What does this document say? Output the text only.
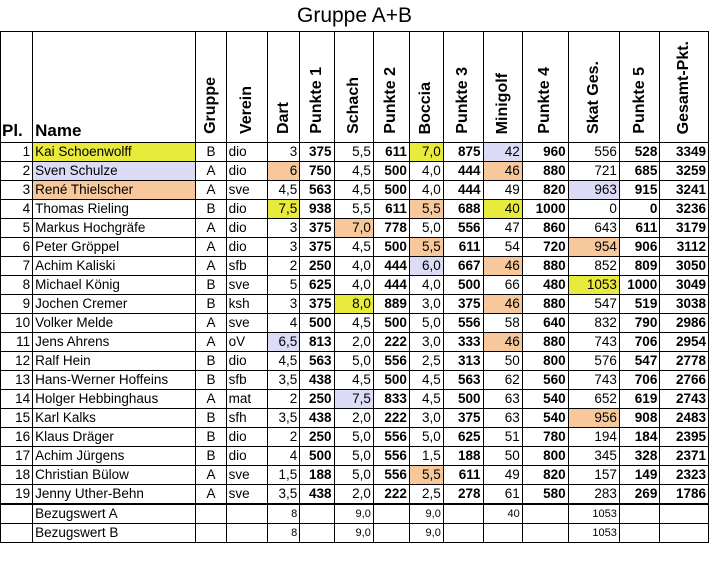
Gruppe A+B
Pl.	Name	Gruppe	Verein	Dart	Punkte 1	Schach	Punkte 2	Boccia	Punkte 3	Minigolf	Punkte 4	Skat Ges.	Punkte 5	Gesamt-Pkt.
1	Kai Schoenwolff	B	dio	3	375	5,5	611	7,0	875	42	960	556	528	3349
2	Sven Schulze	A	dio	6	750	4,5	500	4,0	444	46	880	721	685	3259
3	René Thielscher	A	sve	4,5	563	4,5	500	4,0	444	49	820	963	915	3241
4	Thomas Rieling	B	dio	7,5	938	5,5	611	5,5	688	40	1000	0	0	3236
5	Markus Hochgräfe	A	dio	3	375	7,0	778	5,0	556	47	860	643	611	3179
6	Peter Gröppel	A	dio	3	375	4,5	500	5,5	611	54	720	954	906	3112
7	Achim Kaliski	A	sfb	2	250	4,0	444	6,0	667	46	880	852	809	3050
8	Michael König	B	sve	5	625	4,0	444	4,0	500	66	480	1053	1000	3049
9	Jochen Cremer	B	ksh	3	375	8,0	889	3,0	375	46	880	547	519	3038
10	Volker Melde	A	sve	4	500	4,5	500	5,0	556	58	640	832	790	2986
11	Jens Ahrens	A	oV	6,5	813	2,0	222	3,0	333	46	880	743	706	2954
12	Ralf Hein	B	dio	4,5	563	5,0	556	2,5	313	50	800	576	547	2778
13	Hans-Werner Hoffeins	B	sfb	3,5	438	4,5	500	4,5	563	62	560	743	706	2766
14	Holger Hebbinghaus	A	mat	2	250	7,5	833	4,5	500	63	540	652	619	2743
15	Karl Kalks	B	sfh	3,5	438	2,0	222	3,0	375	63	540	956	908	2483
16	Klaus Dräger	B	dio	2	250	5,0	556	5,0	625	51	780	194	184	2395
17	Achim Jürgens	B	dio	4	500	5,0	556	1,5	188	50	800	345	328	2371
18	Christian Bülow	A	sve	1,5	188	5,0	556	5,5	611	49	820	157	149	2323
19	Jenny Uther-Behn	A	sve	3,5	438	2,0	222	2,5	278	61	580	283	269	1786
	Bezugswert A			8		9,0		9,0		40		1053		
	Bezugswert B			8		9,0		9,0				1053		
